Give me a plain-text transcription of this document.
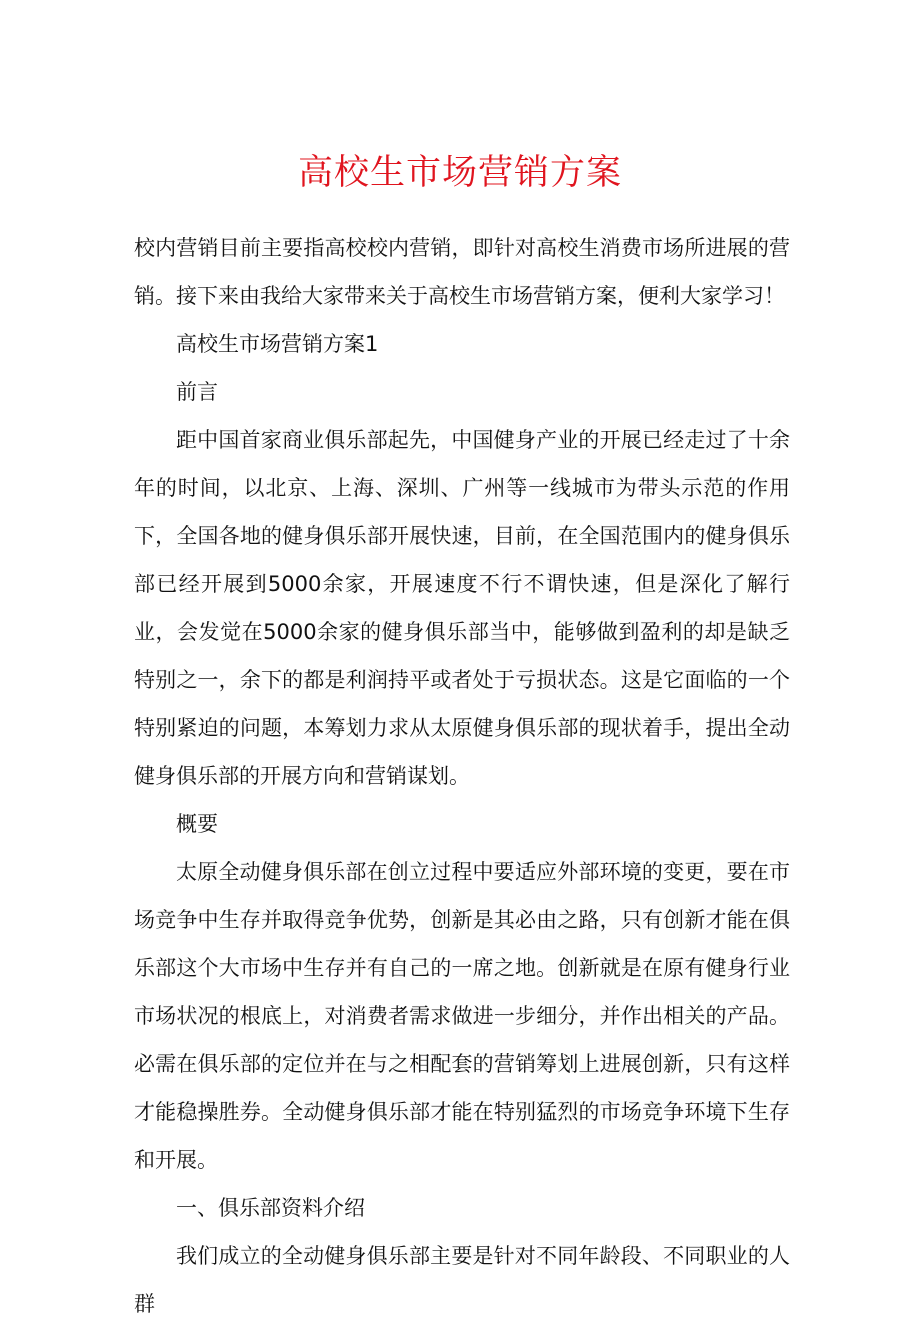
高校生市场营销方案

校内营销目前主要指高校校内营销，即针对高校生消费市场所进展的营销。接下来由我给大家带来关于高校生市场营销方案，便利大家学习！

高校生市场营销方案1

前言

距中国首家商业俱乐部起先，中国健身产业的开展已经走过了十余年的时间，以北京、上海、深圳、广州等一线城市为带头示范的作用下，全国各地的健身俱乐部开展快速，目前，在全国范围内的健身俱乐部已经开展到5000余家，开展速度不行不谓快速，但是深化了解行业，会发觉在5000余家的健身俱乐部当中，能够做到盈利的却是缺乏特别之一，余下的都是利润持平或者处于亏损状态。这是它面临的一个特别紧迫的问题，本筹划力求从太原健身俱乐部的现状着手，提出全动健身俱乐部的开展方向和营销谋划。

概要

太原全动健身俱乐部在创立过程中要适应外部环境的变更，要在市场竞争中生存并取得竞争优势，创新是其必由之路，只有创新才能在俱乐部这个大市场中生存并有自己的一席之地。创新就是在原有健身行业市场状况的根底上，对消费者需求做进一步细分，并作出相关的产品。必需在俱乐部的定位并在与之相配套的营销筹划上进展创新，只有这样才能稳操胜券。全动健身俱乐部才能在特别猛烈的市场竞争环境下生存和开展。

一、俱乐部资料介绍

我们成立的全动健身俱乐部主要是针对不同年龄段、不同职业的人群
